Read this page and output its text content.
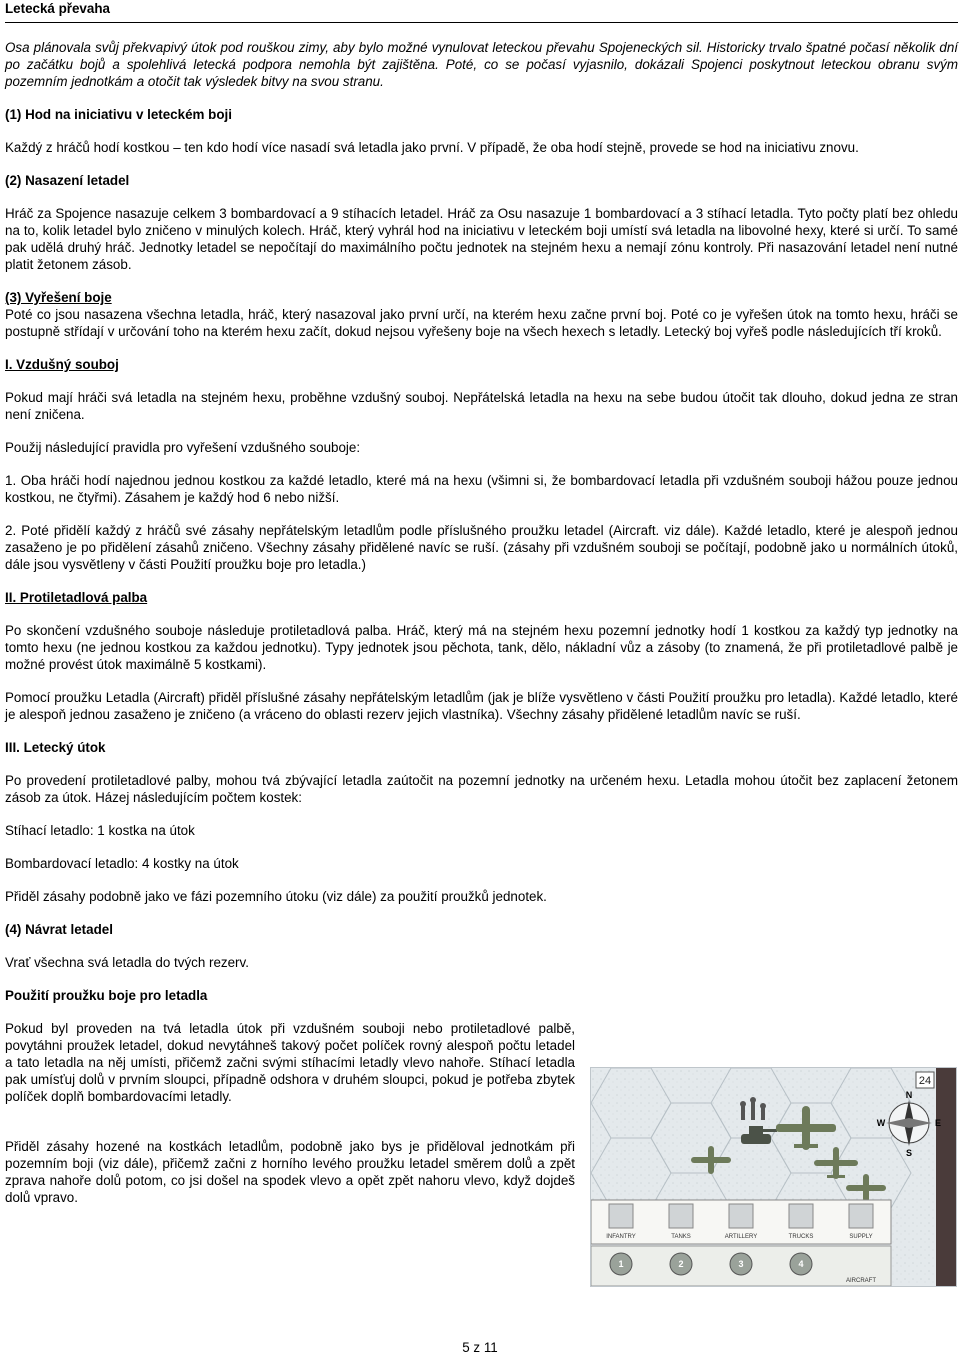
Letecká převaha

Osa plánovala svůj překvapivý útok pod rouškou zimy, aby bylo možné vynulovat leteckou převahu Spojeneckých sil. Historicky trvalo špatné počasí několik dní po začátku bojů a spolehlivá letecká podpora nemohla být zajištěna. Poté, co se počasí vyjasnilo, dokázali Spojenci poskytnout leteckou obranu svým pozemním jednotkám a otočit tak výsledek bitvy na svou stranu.

(1) Hod na iniciativu v leteckém boji

Každý z hráčů hodí kostkou – ten kdo hodí více nasadí svá letadla jako první. V případě, že oba hodí stejně, provede se hod na iniciativu znovu.

(2) Nasazení letadel

Hráč za Spojence nasazuje celkem 3 bombardovací a 9 stíhacích letadel. Hráč za Osu nasazuje 1 bombardovací a 3 stíhací letadla. Tyto počty platí bez ohledu na to, kolik letadel bylo zničeno v minulých kolech. Hráč, který vyhrál hod na iniciativu v leteckém boji umístí svá letadla na libovolné hexy, které si určí. To samé pak udělá druhý hráč. Jednotky letadel se nepočítají do maximálního počtu jednotek na stejném hexu a nemají zónu kontroly. Při nasazování letadel není nutné platit žetonem zásob.

(3) Vyřešení boje

Poté co jsou nasazena všechna letadla, hráč, který nasazoval jako první určí, na kterém hexu začne první boj. Poté co je vyřešen útok na tomto hexu, hráči se postupně střídají v určování toho na kterém hexu začít, dokud nejsou vyřešeny boje na všech hexech s letadly. Letecký boj vyřeš podle následujících tří kroků.

I. Vzdušný souboj

Pokud mají hráči svá letadla na stejném hexu, proběhne vzdušný souboj. Nepřátelská letadla na hexu na sebe budou útočit tak dlouho, dokud jedna ze stran není zničena.

Použij následující pravidla pro vyřešení vzdušného souboje:

1. Oba hráči hodí najednou jednou kostkou za každé letadlo, které má na hexu (všimni si, že bombardovací letadla při vzdušném souboji hážou pouze jednou kostkou, ne čtyřmi). Zásahem je každý hod 6 nebo nižší.

2. Poté přidělí každý z hráčů své zásahy nepřátelským letadlům podle příslušného proužku letadel (Aircraft. viz dále). Každé letadlo, které je alespoň jednou zasaženo je po přidělení zásahů zničeno. Všechny zásahy přidělené navíc se ruší. (zásahy při vzdušném souboji se počítají, podobně jako u normálních útoků, dále jsou vysvětleny v části Použití proužku boje pro letadla.)

II. Protiletadlová palba

Po skončení vzdušného souboje následuje protiletadlová palba. Hráč, který má na stejném hexu pozemní jednotky hodí 1 kostkou za každý typ jednotky na tomto hexu (ne jednou kostkou za každou jednotku). Typy jednotek jsou pěchota, tank, dělo, nákladní vůz a zásoby (to znamená, že při protiletadlové palbě je možné provést útok maximálně 5 kostkami).

Pomocí proužku Letadla (Aircraft) přiděl příslušné zásahy nepřátelským letadlům (jak je blíže vysvětleno v části Použití proužku pro letadla). Každé letadlo, které je alespoň jednou zasaženo je zničeno (a vráceno do oblasti rezerv jejich vlastníka). Všechny zásahy přidělené letadlům navíc se ruší.

III. Letecký útok

Po provedení protiletadlové palby, mohou tvá zbývající letadla zaútočit na pozemní jednotky na určeném hexu. Letadla mohou útočit bez zaplacení žetonem zásob za útok. Házej následujícím počtem kostek:

Stíhací letadlo: 1 kostka na útok

Bombardovací letadlo: 4 kostky na útok

Přiděl zásahy podobně jako ve fázi pozemního útoku (viz dále) za použití proužků jednotek.

(4) Návrat letadel

Vrať všechna svá letadla do tvých rezerv.

Použití proužku boje pro letadla

Pokud byl proveden na tvá letadla útok při vzdušném souboji nebo protiletadlové palbě, povytáhni proužek letadel, dokud nevytáhneš takový počet políček rovný alespoň počtu letadel a tato letadla na něj umísti, přičemž začni svými stíhacími letadly vlevo nahoře. Stíhací letadla pak umísťuj dolů v prvním sloupci, případně odshora v druhém sloupci, pokud je potřeba zbytek políček doplň bombardovacími letadly.

Přiděl zásahy hozené na kostkách letadlům, podobně jako bys je přiděloval jednotkám při pozemním boji (viz dále), přičemž začni z horního levého proužku letadel směrem dolů a zpět zprava nahoře dolů potom, co jsi došel na spodek vlevo a opět zpět nahoru vlevo, když dojdeš dolů vpravo.

24
N
S
W	E
INFANTRY	TANKS	ARTILLERY	TRUCKS	SUPPLY
1	2	3	4
AIRCRAFT
5 z 11
